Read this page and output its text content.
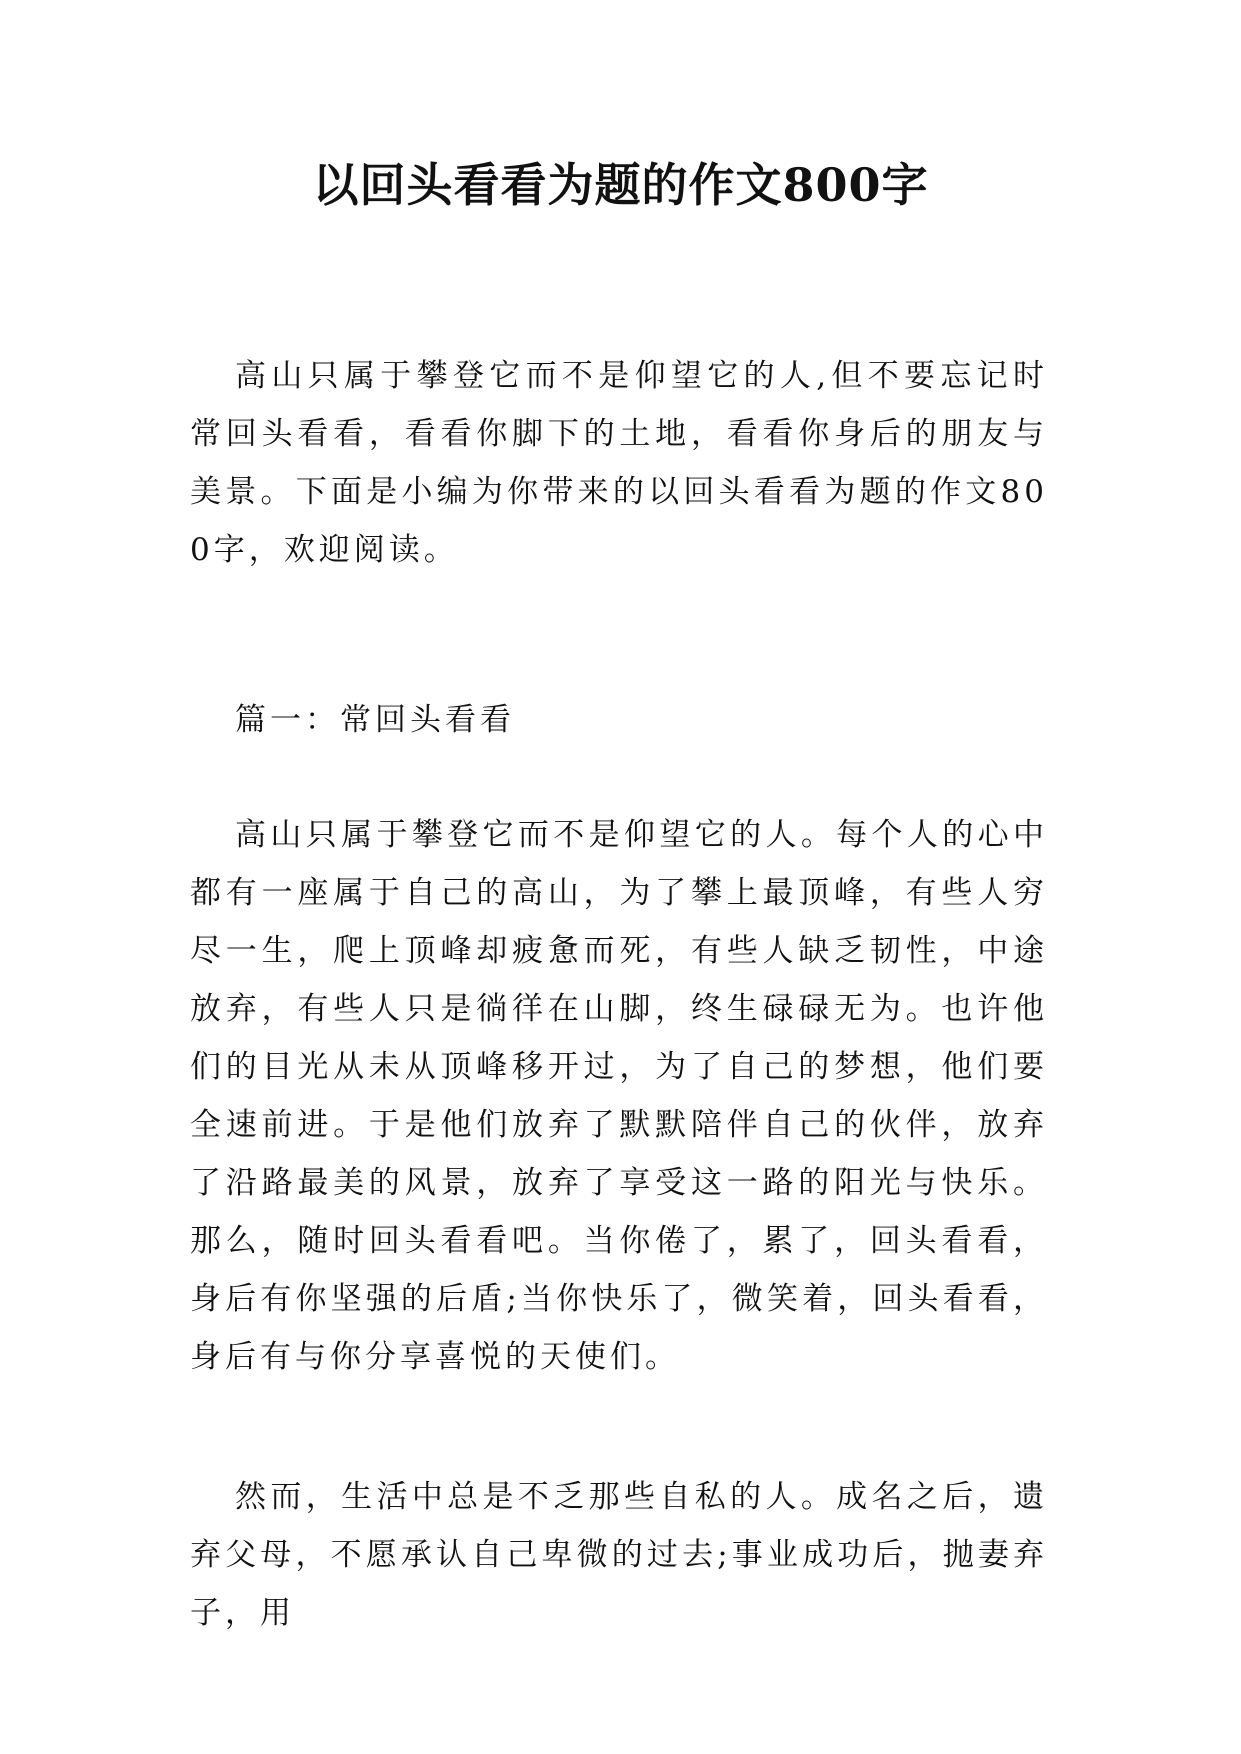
以回头看看为题的作文800字

高山只属于攀登它而不是仰望它的人,但不要忘记时常回头看看，看看你脚下的土地，看看你身后的朋友与美景。下面是小编为你带来的以回头看看为题的作文800字，欢迎阅读。

篇一：常回头看看

高山只属于攀登它而不是仰望它的人。每个人的心中都有一座属于自己的高山，为了攀上最顶峰，有些人穷尽一生，爬上顶峰却疲惫而死，有些人缺乏韧性，中途放弃，有些人只是徜徉在山脚，终生碌碌无为。也许他们的目光从未从顶峰移开过，为了自己的梦想，他们要全速前进。于是他们放弃了默默陪伴自己的伙伴，放弃了沿路最美的风景，放弃了享受这一路的阳光与快乐。那么，随时回头看看吧。当你倦了，累了，回头看看，身后有你坚强的后盾;当你快乐了，微笑着，回头看看，身后有与你分享喜悦的天使们。

然而，生活中总是不乏那些自私的人。成名之后，遗弃父母，不愿承认自己卑微的过去;事业成功后，抛妻弃子，用
